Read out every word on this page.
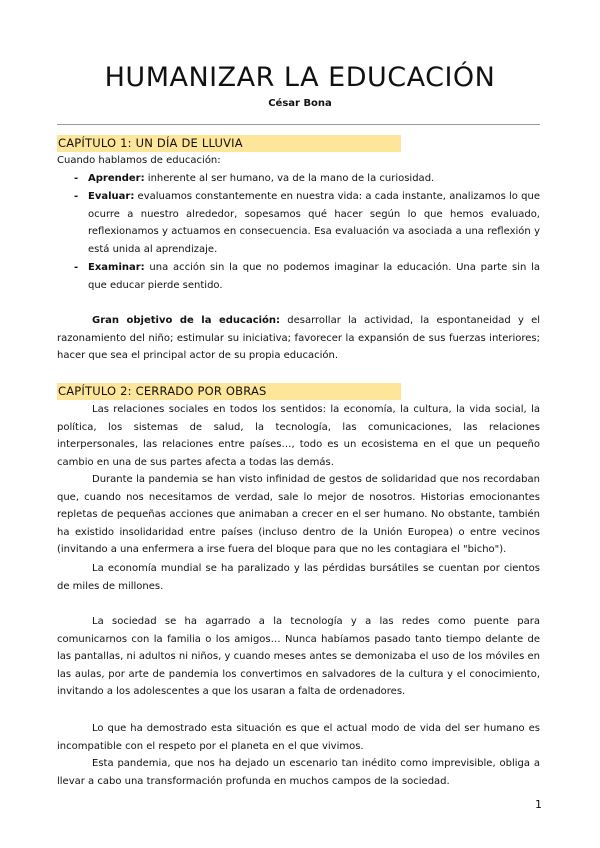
HUMANIZAR LA EDUCACIÓN
César Bona
CAPÍTULO 1: UN DÍA DE LLUVIA

Cuando hablamos de educación:

- Aprender: inherente al ser humano, va de la mano de la curiosidad.

- Evaluar: evaluamos constantemente en nuestra vida: a cada instante, analizamos lo que ocurre a nuestro alrededor, sopesamos qué hacer según lo que hemos evaluado, reflexionamos y actuamos en consecuencia. Esa evaluación va asociada a una reflexión y está unida al aprendizaje.

- Examinar: una acción sin la que no podemos imaginar la educación. Una parte sin la que educar pierde sentido.

Gran objetivo de la educación: desarrollar la actividad, la espontaneidad y el razonamiento del niño; estimular su iniciativa; favorecer la expansión de sus fuerzas interiores; hacer que sea el principal actor de su propia educación.

CAPÍTULO 2: CERRADO POR OBRAS

Las relaciones sociales en todos los sentidos: la economía, la cultura, la vida social, la política, los sistemas de salud, la tecnología, las comunicaciones, las relaciones interpersonales, las relaciones entre países…, todo es un ecosistema en el que un pequeño cambio en una de sus partes afecta a todas las demás.

Durante la pandemia se han visto infinidad de gestos de solidaridad que nos recordaban que, cuando nos necesitamos de verdad, sale lo mejor de nosotros. Historias emocionantes repletas de pequeñas acciones que animaban a crecer en el ser humano. No obstante, también ha existido insolidaridad entre países (incluso dentro de la Unión Europea) o entre vecinos (invitando a una enfermera a irse fuera del bloque para que no les contagiara el "bicho").

La economía mundial se ha paralizado y las pérdidas bursátiles se cuentan por cientos de miles de millones.

La sociedad se ha agarrado a la tecnología y a las redes como puente para comunicarnos con la familia o los amigos… Nunca habíamos pasado tanto tiempo delante de las pantallas, ni adultos ni niños, y cuando meses antes se demonizaba el uso de los móviles en las aulas, por arte de pandemia los convertimos en salvadores de la cultura y el conocimiento, invitando a los adolescentes a que los usaran a falta de ordenadores.

Lo que ha demostrado esta situación es que el actual modo de vida del ser humano es incompatible con el respeto por el planeta en el que vivimos.

Esta pandemia, que nos ha dejado un escenario tan inédito como imprevisible, obliga a llevar a cabo una transformación profunda en muchos campos de la sociedad.

1
